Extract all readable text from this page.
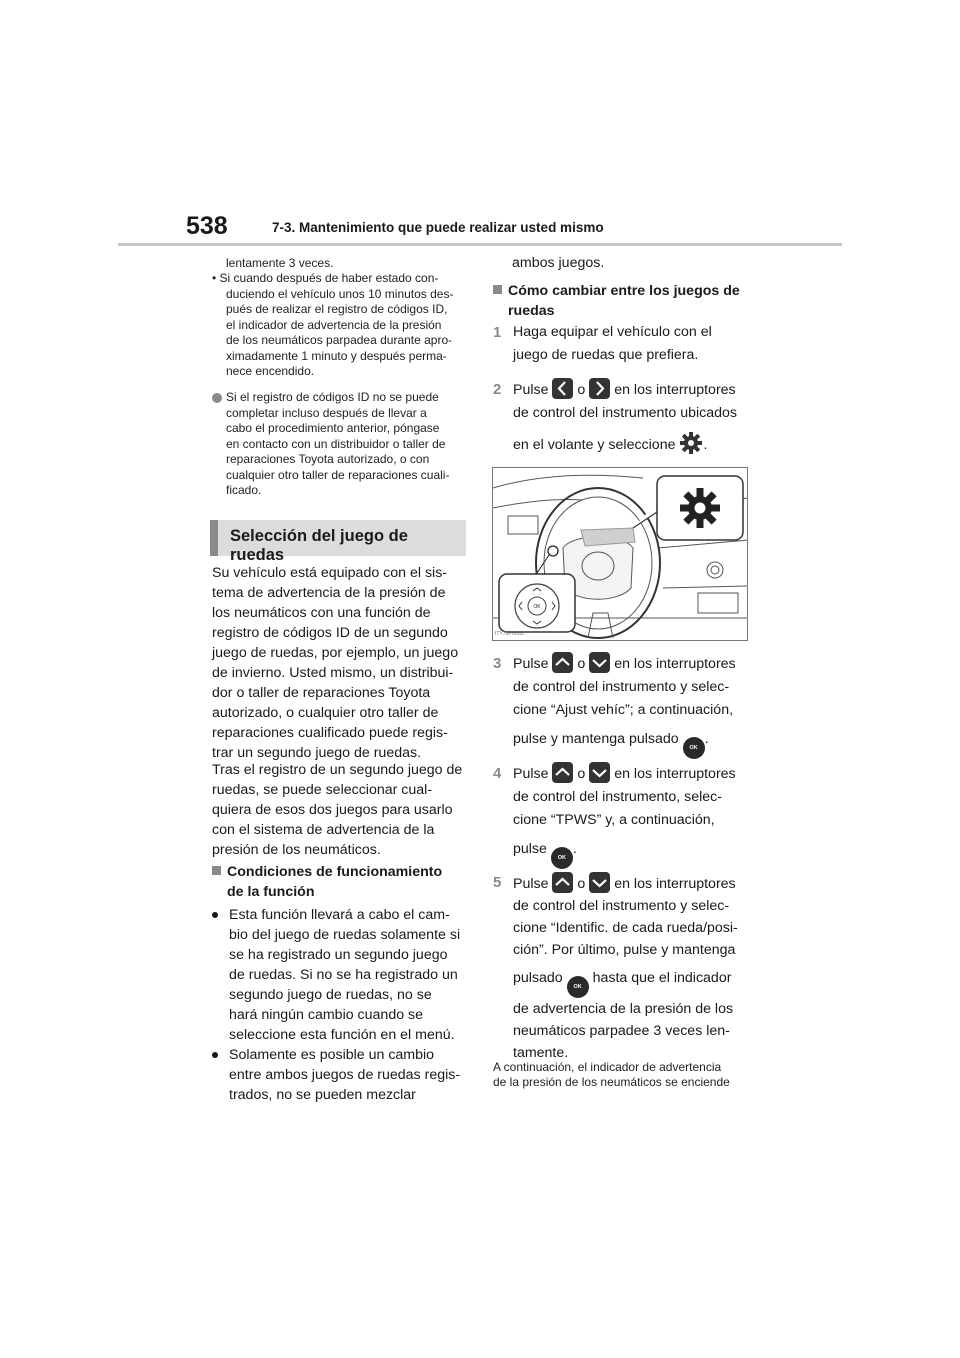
538	7-3. Mantenimiento que puede realizar usted mismo

lentamente 3 veces.

• Si cuando después de haber estado con-

duciendo el vehículo unos 10 minutos des-

pués de realizar el registro de códigos ID,

el indicador de advertencia de la presión

de los neumáticos parpadea durante apro-

ximadamente 1 minuto y después perma-

nece encendido.

Si el registro de códigos ID no se puede

completar incluso después de llevar a

cabo el procedimiento anterior, póngase

en contacto con un distribuidor o taller de

reparaciones Toyota autorizado, o con

cualquier otro taller de reparaciones cuali-

ficado.

Selección del juego de ruedas

Su vehículo está equipado con el sis-

tema de advertencia de la presión de

los neumáticos con una función de

registro de códigos ID de un segundo

juego de ruedas, por ejemplo, un juego

de invierno. Usted mismo, un distribui-

dor o taller de reparaciones Toyota

autorizado, o cualquier otro taller de

reparaciones cualificado puede regis-

trar un segundo juego de ruedas.

Tras el registro de un segundo juego de

ruedas, se puede seleccionar cual-

quiera de esos dos juegos para usarlo

con el sistema de advertencia de la

presión de los neumáticos.

Condiciones de funcionamiento

de la función

Esta función llevará a cabo el cam-

bio del juego de ruedas solamente si

se ha registrado un segundo juego

de ruedas. Si no se ha registrado un

segundo juego de ruedas, no se

hará ningún cambio cuando se

seleccione esta función en el menú.

Solamente es posible un cambio

entre ambos juegos de ruedas regis-

trados, no se pueden mezclar

ambos juegos.

Cómo cambiar entre los juegos de

ruedas

1 Haga equipar el vehículo con el

juego de ruedas que prefiera.

2 Pulse o en los interruptores

de control del instrumento ubicados

en el volante y seleccione .

OK
ITY71PH063
3 Pulse o en los interruptores

de control del instrumento y selec-

cione “Ajust vehíc”; a continuación,

pulse y mantenga pulsado OK.

4 Pulse o en los interruptores

de control del instrumento, selec-

cione “TPWS” y, a continuación,

pulse OK.

5 Pulse o en los interruptores

de control del instrumento y selec-

cione “Identific. de cada rueda/posi-

ción”. Por último, pulse y mantenga

pulsado OK hasta que el indicador

de advertencia de la presión de los

neumáticos parpadee 3 veces len-

tamente.

A continuación, el indicador de advertencia
de la presión de los neumáticos se enciende
